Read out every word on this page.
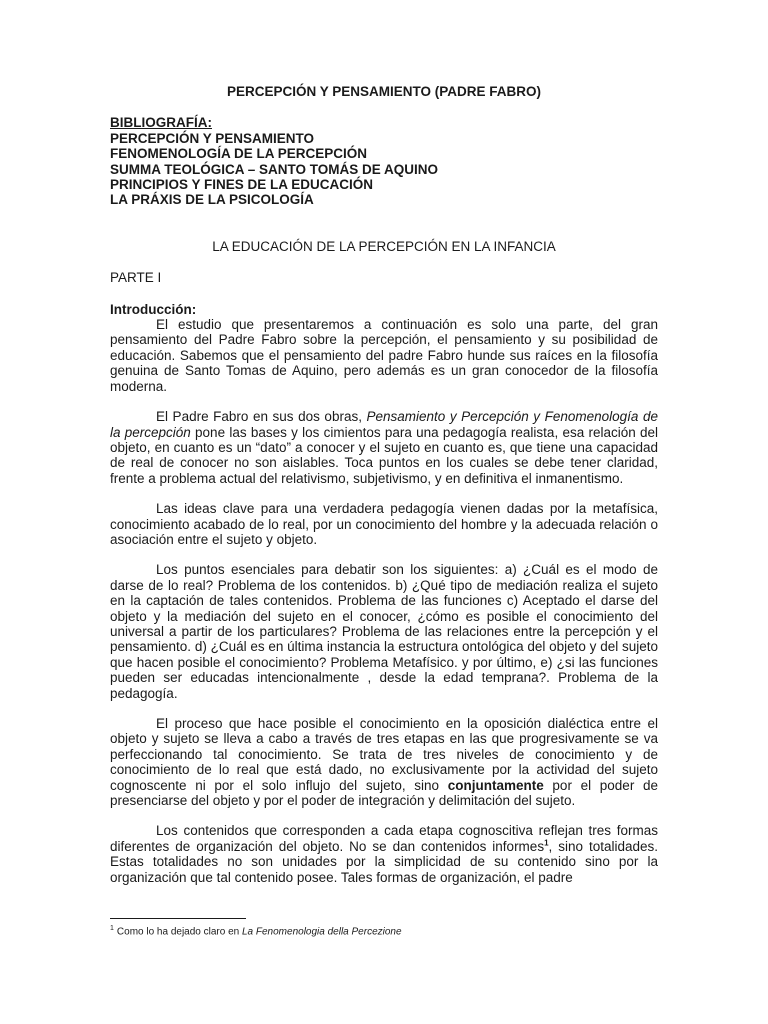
PERCEPCIÓN Y PENSAMIENTO (PADRE FABRO)

BIBLIOGRAFÍA:
PERCEPCIÓN Y PENSAMIENTO
FENOMENOLOGÍA DE LA PERCEPCIÓN
SUMMA TEOLÓGICA – SANTO TOMÁS DE AQUINO
PRINCIPIOS Y FINES DE LA EDUCACIÓN
LA PRÁXIS DE LA PSICOLOGÍA
LA EDUCACIÓN DE LA PERCEPCIÓN EN LA INFANCIA
PARTE I
Introducción:

El estudio que presentaremos a continuación es solo una parte, del gran pensamiento del Padre Fabro sobre la percepción, el pensamiento y su posibilidad de educación. Sabemos que el pensamiento del padre Fabro hunde sus raíces en la filosofía genuina de Santo Tomas de Aquino, pero además es un gran conocedor de la filosofía moderna.

El Padre Fabro en sus dos obras, Pensamiento y Percepción y Fenomenología de la percepción pone las bases y los cimientos para una pedagogía realista, esa relación del objeto, en cuanto es un “dato” a conocer y el sujeto en cuanto es, que tiene una capacidad de real de conocer no son aislables. Toca puntos en los cuales se debe tener claridad, frente a problema actual del relativismo, subjetivismo, y en definitiva el inmanentismo.

Las ideas clave para una verdadera pedagogía vienen dadas por la metafísica, conocimiento acabado de lo real, por un conocimiento del hombre y la adecuada relación o asociación entre el sujeto y objeto.

Los puntos esenciales para debatir son los siguientes: a) ¿Cuál es el modo de darse de lo real? Problema de los contenidos. b) ¿Qué tipo de mediación realiza el sujeto en la captación de tales contenidos. Problema de las funciones c) Aceptado el darse del objeto y la mediación del sujeto en el conocer, ¿cómo es posible el conocimiento del universal a partir de los particulares? Problema de las relaciones entre la percepción y el pensamiento. d) ¿Cuál es en última instancia la estructura ontológica del objeto y del sujeto que hacen posible el conocimiento? Problema Metafísico. y por último, e) ¿si las funciones pueden ser educadas intencionalmente , desde la edad temprana?. Problema de la pedagogía.

El proceso que hace posible el conocimiento en la oposición dialéctica entre el objeto y sujeto se lleva a cabo a través de tres etapas en las que progresivamente se va perfeccionando tal conocimiento. Se trata de tres niveles de conocimiento y de conocimiento de lo real que está dado, no exclusivamente por la actividad del sujeto cognoscente ni por el solo influjo del sujeto, sino conjuntamente por el poder de presenciarse del objeto y por el poder de integración y delimitación del sujeto.

Los contenidos que corresponden a cada etapa cognoscitiva reflejan tres formas diferentes de organización del objeto. No se dan contenidos informes$^1$, sino totalidades. Estas totalidades no son unidades por la simplicidad de su contenido sino por la organización que tal contenido posee. Tales formas de organización, el padre

$^1$ Como lo ha dejado claro en La Fenomenologia della Percezione
